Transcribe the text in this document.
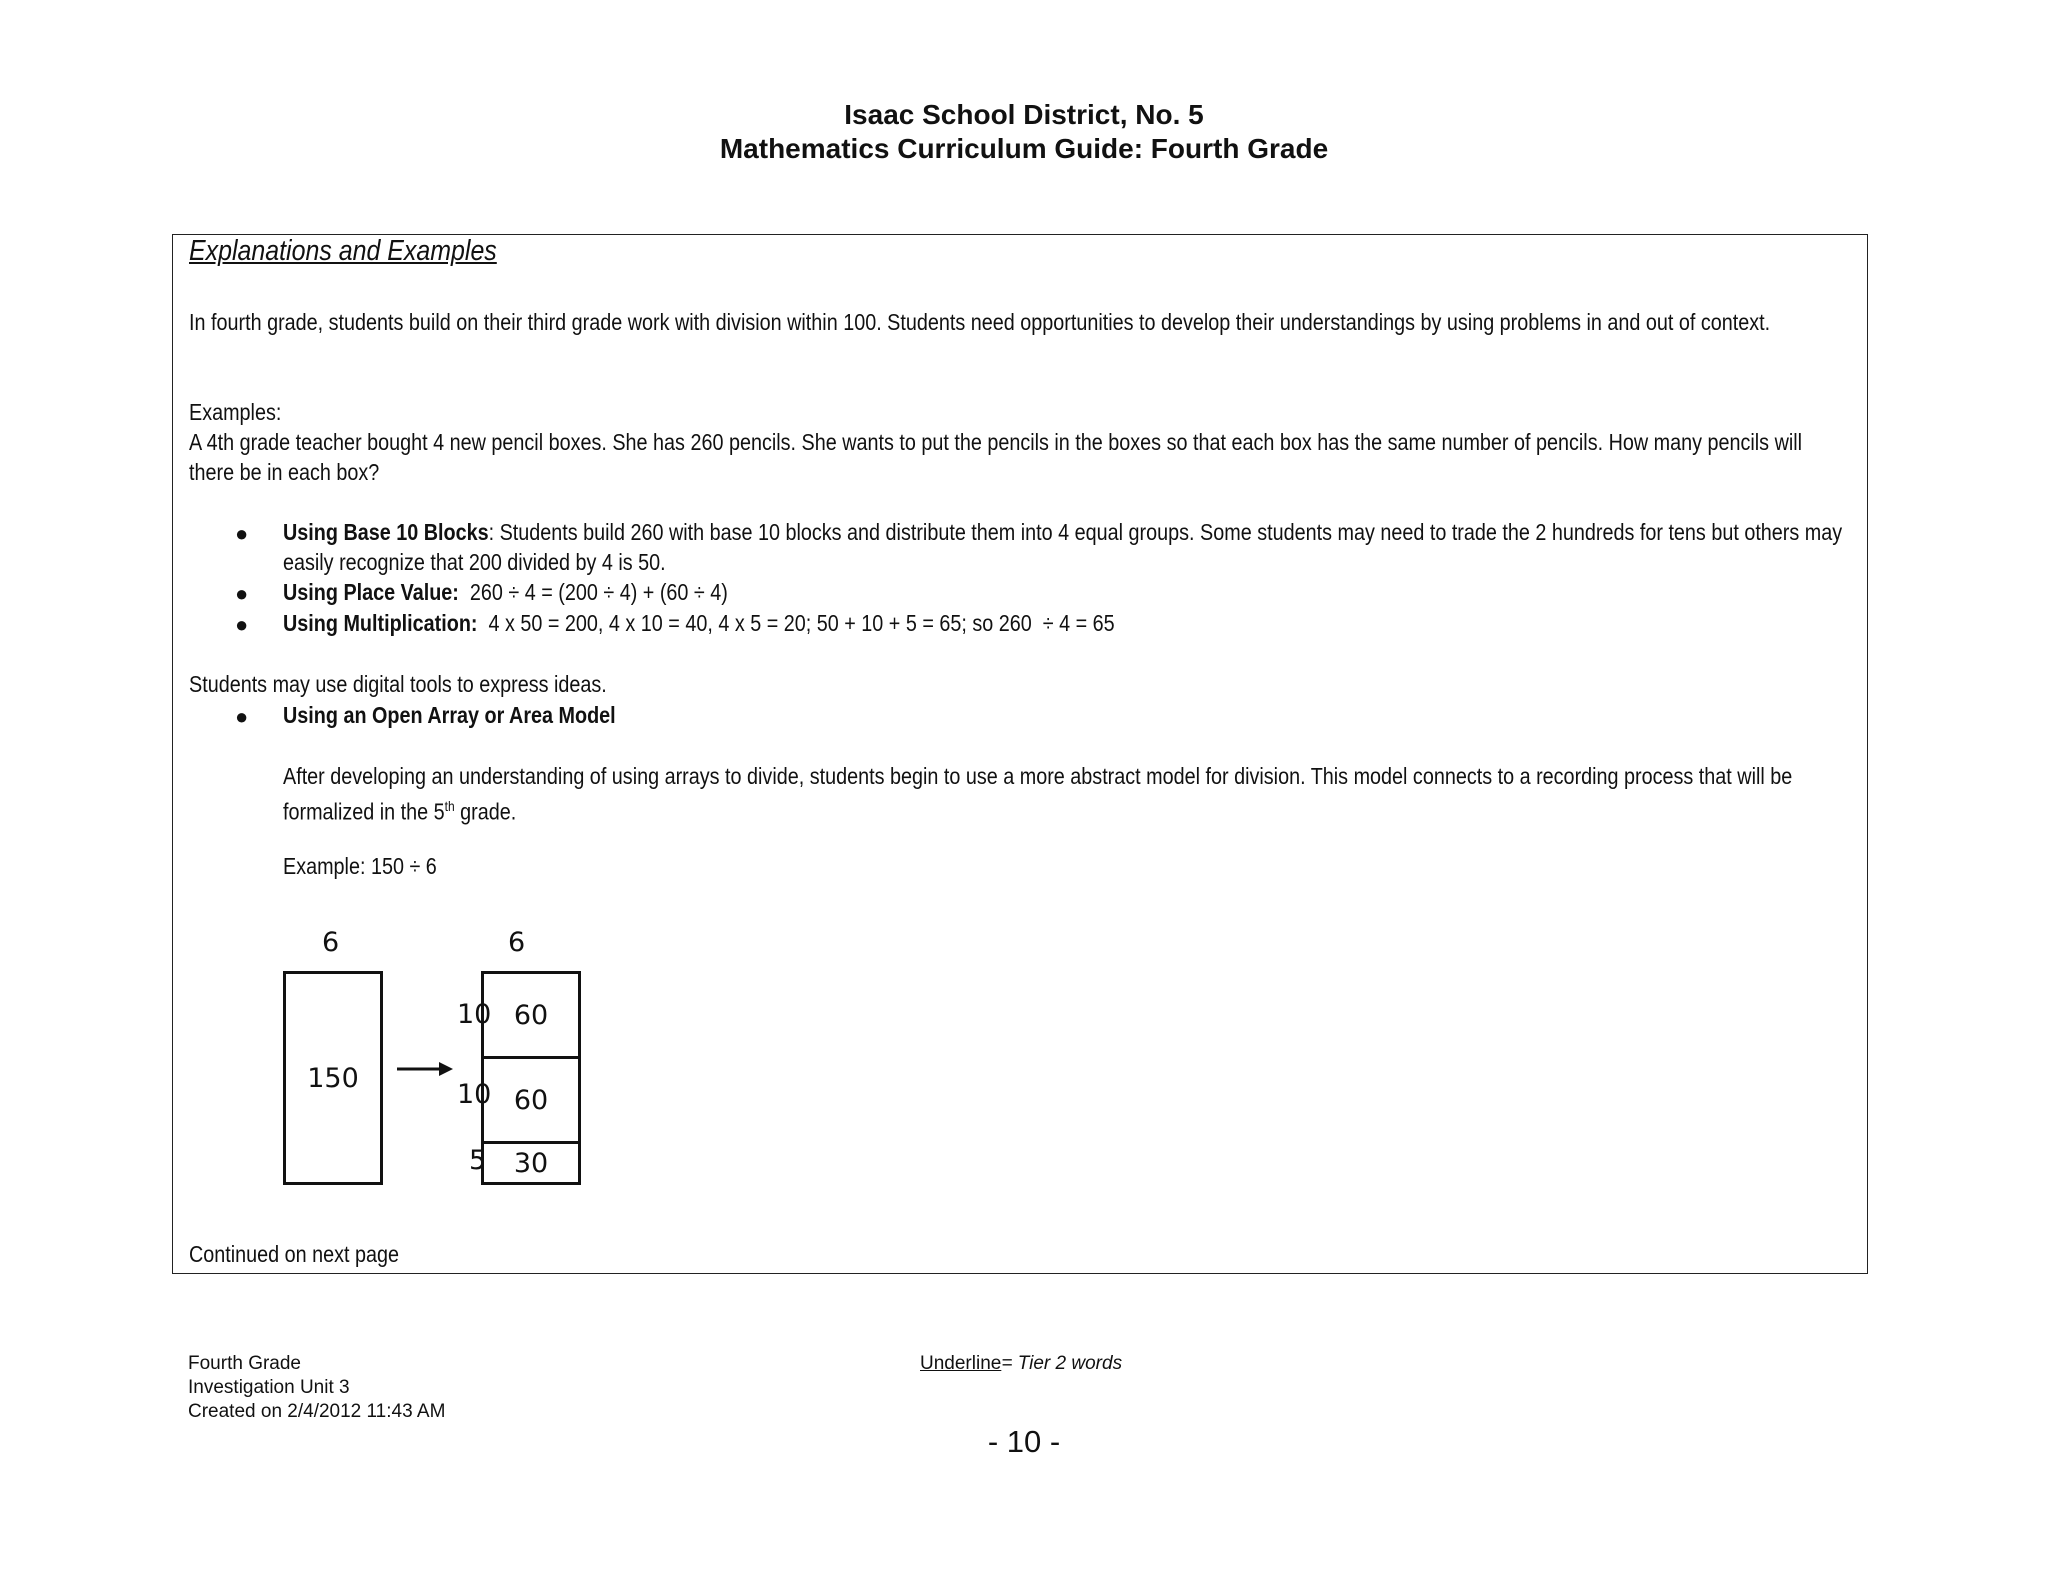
Isaac School District, No. 5
Mathematics Curriculum Guide: Fourth Grade
Explanations and Examples
In fourth grade, students build on their third grade work with division within 100. Students need opportunities to develop their understandings by using problems in and out of context.
Examples:
A 4th grade teacher bought 4 new pencil boxes. She has 260 pencils. She wants to put the pencils in the boxes so that each box has the same number of pencils. How many pencils will there be in each box?
● Using Base 10 Blocks: Students build 260 with base 10 blocks and distribute them into 4 equal groups. Some students may need to trade the 2 hundreds for tens but others may easily recognize that 200 divided by 4 is 50.
● Using Place Value:  260 ÷ 4 = (200 ÷ 4) + (60 ÷ 4)
● Using Multiplication:  4 x 50 = 200, 4 x 10 = 40, 4 x 5 = 20; 50 + 10 + 5 = 65; so 260  ÷ 4 = 65
Students may use digital tools to express ideas.
● Using an Open Array or Area Model
After developing an understanding of using arrays to divide, students begin to use a more abstract model for division. This model connects to a recording process that will be formalized in the 5th grade.
Example: 150 ÷ 6
6
150
6
10 60
10 60
5 30
Continued on next page
Fourth Grade
Investigation Unit 3
Created on 2/4/2012 11:43 AM
Underline= Tier 2 words
- 10 -
